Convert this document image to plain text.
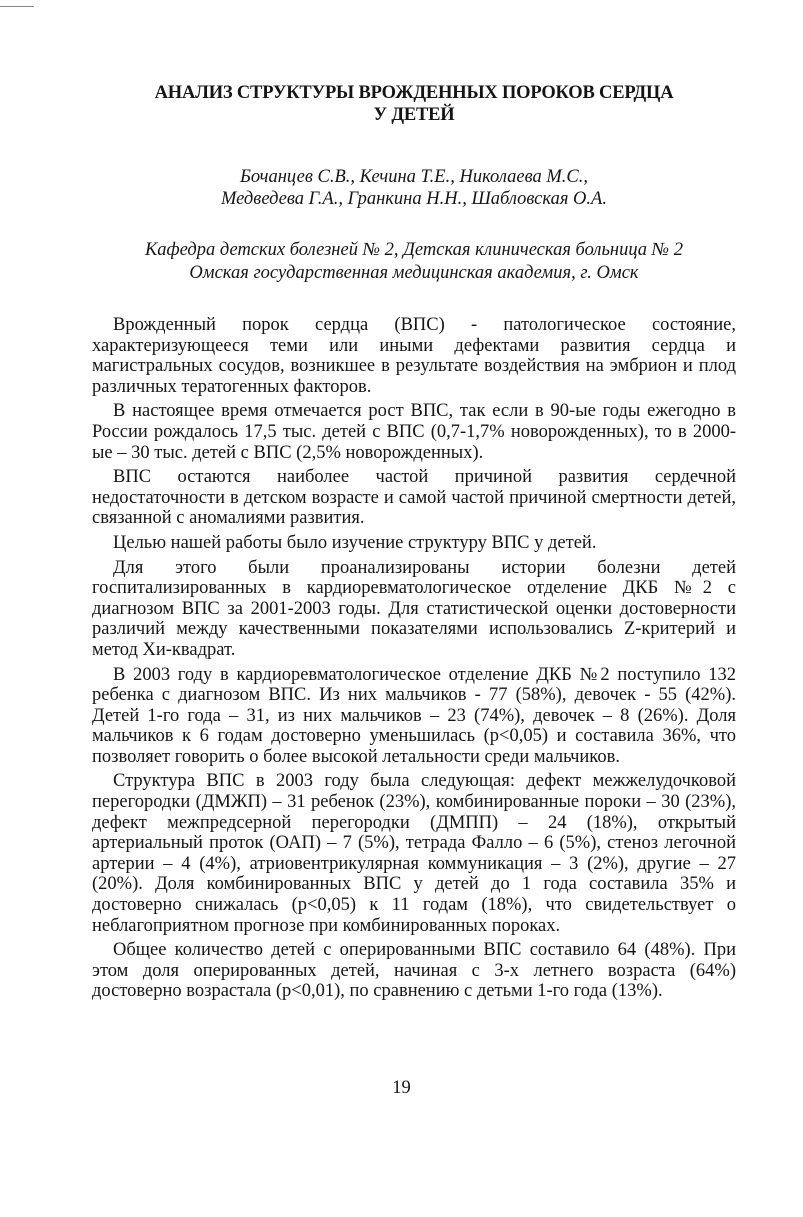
АНАЛИЗ СТРУКТУРЫ ВРОЖДЕННЫХ ПОРОКОВ СЕРДЦА
У ДЕТЕЙ
Бочанцев С.В., Кечина Т.Е., Николаева М.С.,
Медведева Г.А., Гранкина Н.Н., Шабловская О.А.
Кафедра детских болезней № 2, Детская клиническая больница № 2
Омская государственная медицинская академия, г. Омск

Врожденный порок сердца (ВПС) - патологическое состояние, характеризующееся теми или иными дефектами развития сердца и магистральных сосудов, возникшее в результате воздействия на эмбрион и плод различных тератогенных факторов.

В настоящее время отмечается рост ВПС, так если в 90-ые годы ежегодно в России рождалось 17,5 тыс. детей с ВПС (0,7-1,7% новорожденных), то в 2000-ые – 30 тыс. детей с ВПС (2,5% новорожденных).

ВПС остаются наиболее частой причиной развития сердечной недостаточности в детском возрасте и самой частой причиной смертности детей, связанной с аномалиями развития.

Целью нашей работы было изучение структуру ВПС у детей.

Для этого были проанализированы истории болезни детей госпитализированных в кардиоревматологическое отделение ДКБ №2 с диагнозом ВПС за 2001-2003 годы. Для статистической оценки достоверности различий между качественными показателями использовались Z-критерий и метод Хи-квадрат.

В 2003 году в кардиоревматологическое отделение ДКБ №2 поступило 132 ребенка с диагнозом ВПС. Из них мальчиков - 77 (58%), девочек - 55 (42%). Детей 1-го года – 31, из них мальчиков – 23 (74%), девочек – 8 (26%). Доля мальчиков к 6 годам достоверно уменьшилась (p<0,05) и составила 36%, что позволяет говорить о более высокой летальности среди мальчиков.

Структура ВПС в 2003 году была следующая: дефект межжелудочковой перегородки (ДМЖП) – 31 ребенок (23%), комбинированные пороки – 30 (23%), дефект межпредсерной перегородки (ДМПП) – 24 (18%), открытый артериальный проток (ОАП) – 7 (5%), тетрада Фалло – 6 (5%), стеноз легочной артерии – 4 (4%), атриовентрикулярная коммуникация – 3 (2%), другие – 27 (20%). Доля комбинированных ВПС у детей до 1 года составила 35% и достоверно снижалась (p<0,05) к 11 годам (18%), что свидетельствует о неблагоприятном прогнозе при комбинированных пороках.

Общее количество детей с оперированными ВПС составило 64 (48%). При этом доля оперированных детей, начиная с 3-х летнего возраста (64%) достоверно возрастала (p<0,01), по сравнению с детьми 1-го года (13%).

19
